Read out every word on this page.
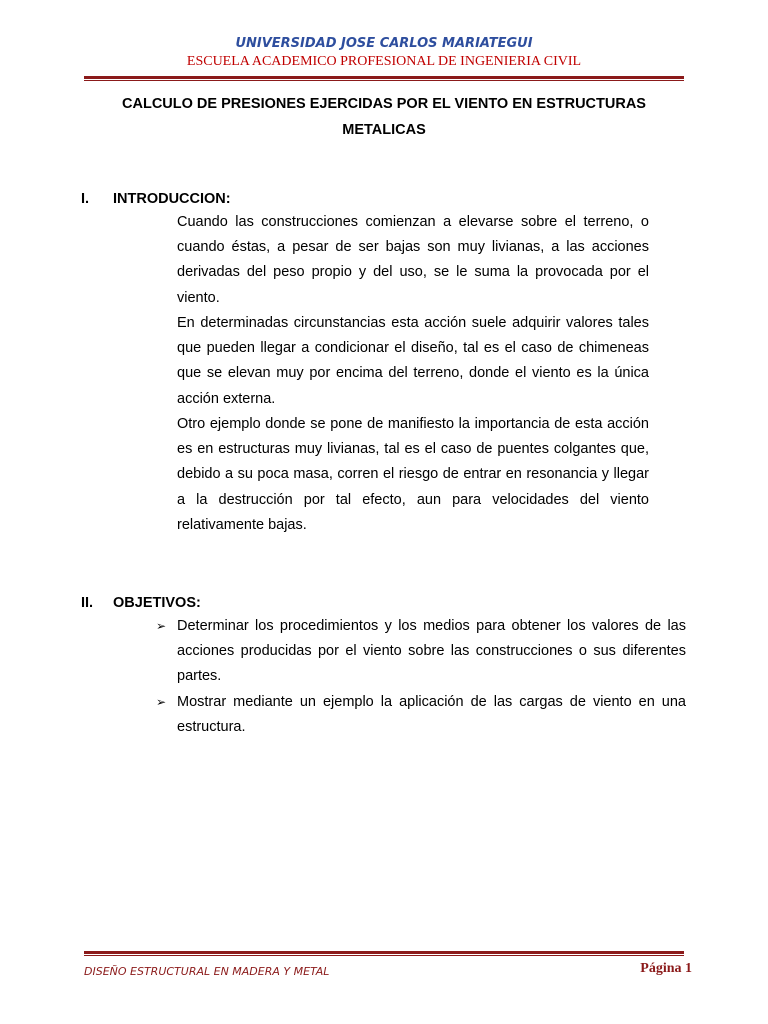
UNIVERSIDAD JOSE CARLOS MARIATEGUI
ESCUELA ACADEMICO PROFESIONAL DE INGENIERIA CIVIL
CALCULO DE PRESIONES EJERCIDAS POR EL VIENTO EN ESTRUCTURAS METALICAS
I. INTRODUCCION:
Cuando las construcciones comienzan a elevarse sobre el terreno, o cuando éstas, a pesar de ser bajas son muy livianas, a las acciones derivadas del peso propio y del uso, se le suma la provocada por el viento.
En determinadas circunstancias esta acción suele adquirir valores tales que pueden llegar a condicionar el diseño, tal es el caso de chimeneas que se elevan muy por encima del terreno, donde el viento es la única acción externa.
Otro ejemplo donde se pone de manifiesto la importancia de esta acción es en estructuras muy livianas, tal es el caso de puentes colgantes que, debido a su poca masa, corren el riesgo de entrar en resonancia y llegar a la destrucción por tal efecto, aun para velocidades del viento relativamente bajas.
II. OBJETIVOS:
➢ Determinar los procedimientos y los medios para obtener los valores de las acciones producidas por el viento sobre las construcciones o sus diferentes partes.
➢ Mostrar mediante un ejemplo la aplicación de las cargas de viento en una estructura.
DISEÑO ESTRUCTURAL EN MADERA Y METAL	Página 1
